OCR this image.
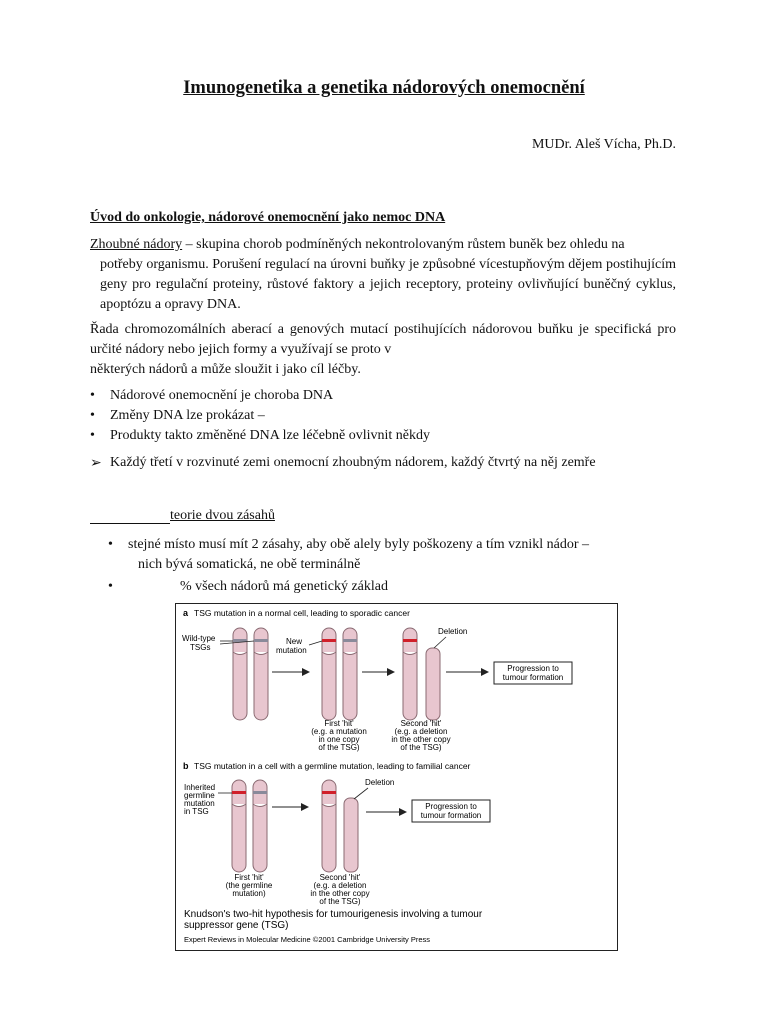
Imunogenetika a genetika nádorových onemocnění
MUDr. Aleš Vícha, Ph.D.
Úvod do onkologie, nádorové onemocnění jako nemoc DNA

Zhoubné nádory – skupina chorob podmíněných nekontrolovaným růstem buněk bez ohledu na

potřeby organismu. Porušení regulací na úrovni buňky je způsobné vícestupňovým dějem postihujícím geny pro regulační proteiny, růstové faktory a jejich receptory, proteiny ovlivňující buněčný cyklus, apoptózu a opravy DNA.

Řada chromozomálních aberací a genových mutací postihujících nádorovou buňku je specifická pro určité nádory nebo jejich formy a využívají se proto v

některých nádorů a může sloužit i jako cíl léčby.

• Nádorové onemocnění je choroba DNA
• Změny DNA lze prokázat –
• Produkty takto změněné DNA lze léčebně ovlivnit někdy
➢ Každý třetí v rozvinuté zemi onemocní zhoubným nádorem, každý čtvrtý na něj zemře
teorie dvou zásahů
• stejné místo musí mít 2 zásahy, aby obě alely byly poškozeny a tím vznikl nádor –
nich bývá somatická, ne obě terminálně
•	% všech nádorů má genetický základ
a TSG mutation in a normal cell, leading to sporadic cancer
Wild-type
TSGs
New
mutation
Deletion
Progression to
tumour formation
First 'hit'
(e.g. a mutation
in one copy
of the TSG)
Second 'hit'
(e.g. a deletion
in the other copy
of the TSG)
b TSG mutation in a cell with a germline mutation, leading to familial cancer
Inherited
germline
mutation
in TSG
Deletion
Progression to
tumour formation
First 'hit'
(the germline
mutation)
Second 'hit'
(e.g. a deletion
in the other copy
of the TSG)
Knudson's two-hit hypothesis for tumourigenesis involving a tumour
suppressor gene (TSG)
Expert Reviews in Molecular Medicine ©2001 Cambridge University Press
